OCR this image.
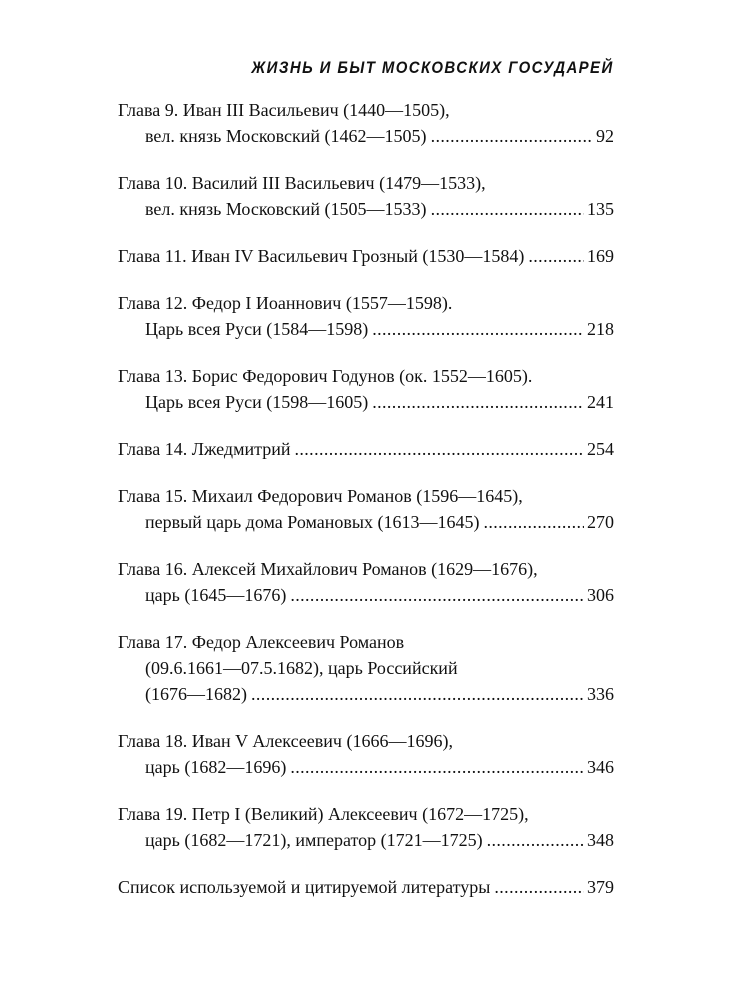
ЖИЗНЬ И БЫТ МОСКОВСКИХ ГОСУДАРЕЙ
Глава 9. Иван III Васильевич (1440—1505),
вел. князь Московский (1462—1505) .....	92
Глава 10. Василий III Васильевич (1479—1533),
вел. князь Московский (1505—1533) .....	135
Глава 11. Иван IV Васильевич Грозный (1530—1584) .....	169
Глава 12. Федор I Иоаннович (1557—1598).
Царь всея Руси (1584—1598) .....	218
Глава 13. Борис Федорович Годунов (ок. 1552—1605).
Царь всея Руси (1598—1605) .....	241
Глава 14. Лжедмитрий .....	254
Глава 15. Михаил Федорович Романов (1596—1645),
первый царь дома Романовых (1613—1645) .....	270
Глава 16. Алексей Михайлович Романов (1629—1676),
царь (1645—1676) .....	306
Глава 17. Федор Алексеевич Романов
(09.6.1661—07.5.1682), царь Российский
(1676—1682) .....	336
Глава 18. Иван V Алексеевич (1666—1696),
царь (1682—1696) .....	346
Глава 19. Петр I (Великий) Алексеевич (1672—1725),
царь (1682—1721), император (1721—1725) .....	348
Список используемой и цитируемой литературы .....	379
